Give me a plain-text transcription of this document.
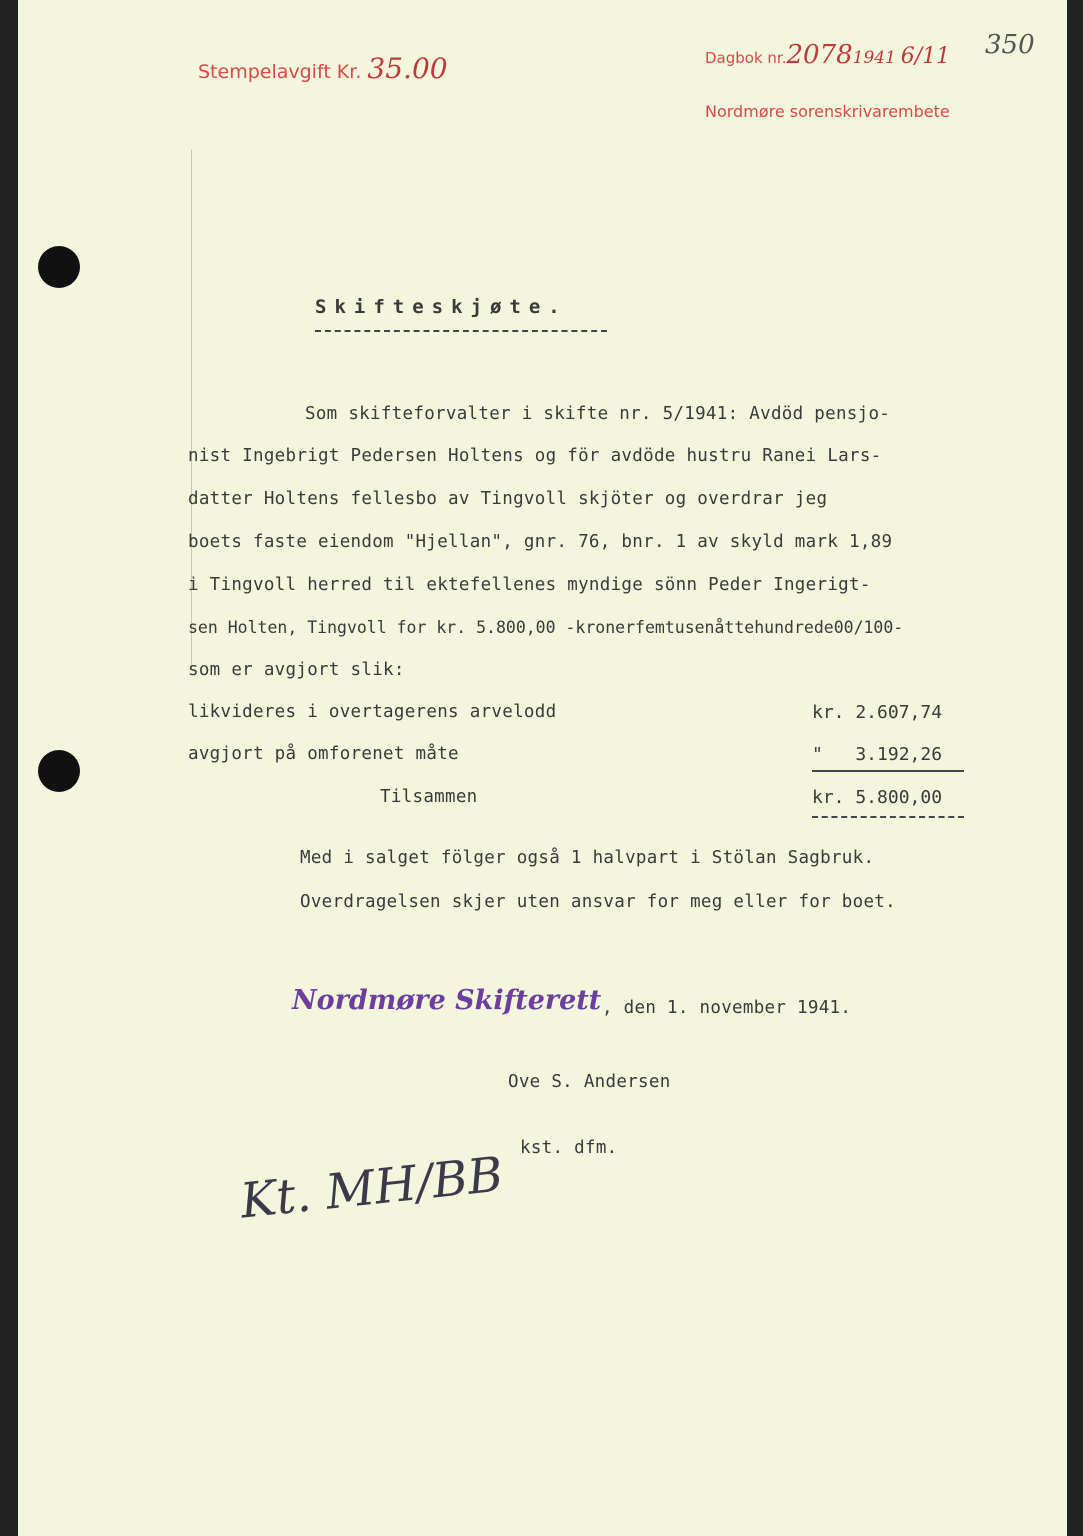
Stempelavgift Kr. 35.00	Dagbok nr.20781941 6/11
Nordmøre sorenskrivarembete
350
Skifteskjøte.
Som skifteforvalter i skifte nr. 5/1941: Avdöd pensjo-
nist Ingebrigt Pedersen Holtens og för avdöde hustru Ranei Lars-
datter Holtens fellesbo av Tingvoll skjöter og overdrar jeg
boets faste eiendom "Hjellan", gnr. 76, bnr. 1 av skyld mark 1,89
i Tingvoll herred til ektefellenes myndige sönn Peder Ingerigt-
sen Holten, Tingvoll for kr. 5.800,00 -kronerfemtusenåttehundrede00/100-
som er avgjort slik:
likvideres i overtagerens arvelodd	kr. 2.607,74
avgjort på omforenet måte	"   3.192,26
Tilsammen	kr. 5.800,00
Med i salget fölger også 1 halvpart i Stölan Sagbruk.
Overdragelsen skjer uten ansvar for meg eller for boet.
Nordmøre Skifterett , den 1. november 1941.
Ove S. Andersen
kst. dfm.
Kt. MH/BB
